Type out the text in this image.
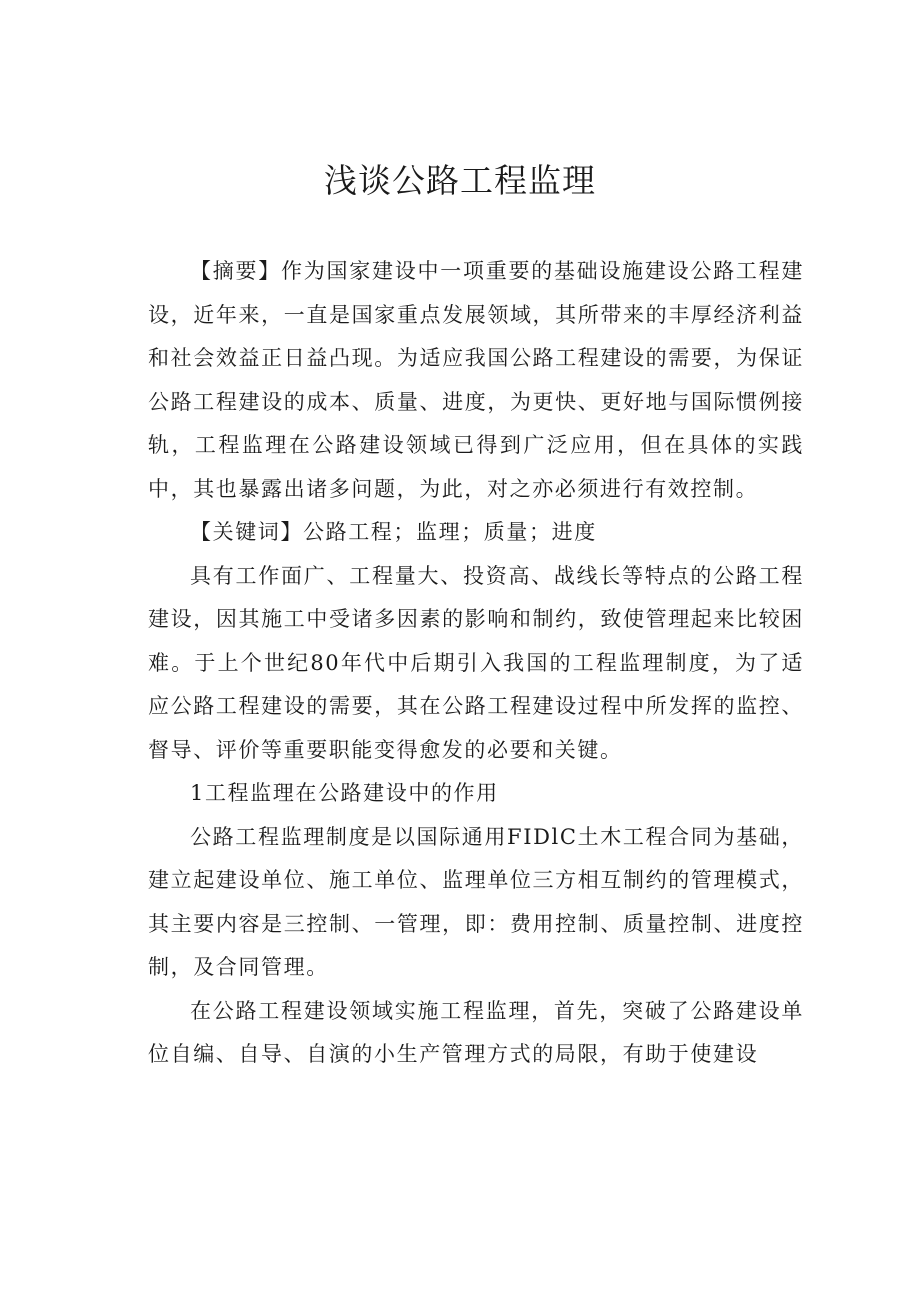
浅谈公路工程监理

【摘要】作为国家建设中一项重要的基础设施建设公路工程建设，近年来，一直是国家重点发展领域，其所带来的丰厚经济利益和社会效益正日益凸现。为适应我国公路工程建设的需要，为保证公路工程建设的成本、质量、进度，为更快、更好地与国际惯例接轨，工程监理在公路建设领域已得到广泛应用，但在具体的实践中，其也暴露出诸多问题，为此，对之亦必须进行有效控制。

【关键词】公路工程；监理；质量；进度

具有工作面广、工程量大、投资高、战线长等特点的公路工程建设，因其施工中受诸多因素的影响和制约，致使管理起来比较困难。于上个世纪80年代中后期引入我国的工程监理制度，为了适应公路工程建设的需要，其在公路工程建设过程中所发挥的监控、督导、评价等重要职能变得愈发的必要和关键。

1工程监理在公路建设中的作用

公路工程监理制度是以国际通用FIDlC土木工程合同为基础，建立起建设单位、施工单位、监理单位三方相互制约的管理模式，其主要内容是三控制、一管理，即：费用控制、质量控制、进度控制，及合同管理。

在公路工程建设领域实施工程监理，首先，突破了公路建设单位自编、自导、自演的小生产管理方式的局限，有助于使建设
